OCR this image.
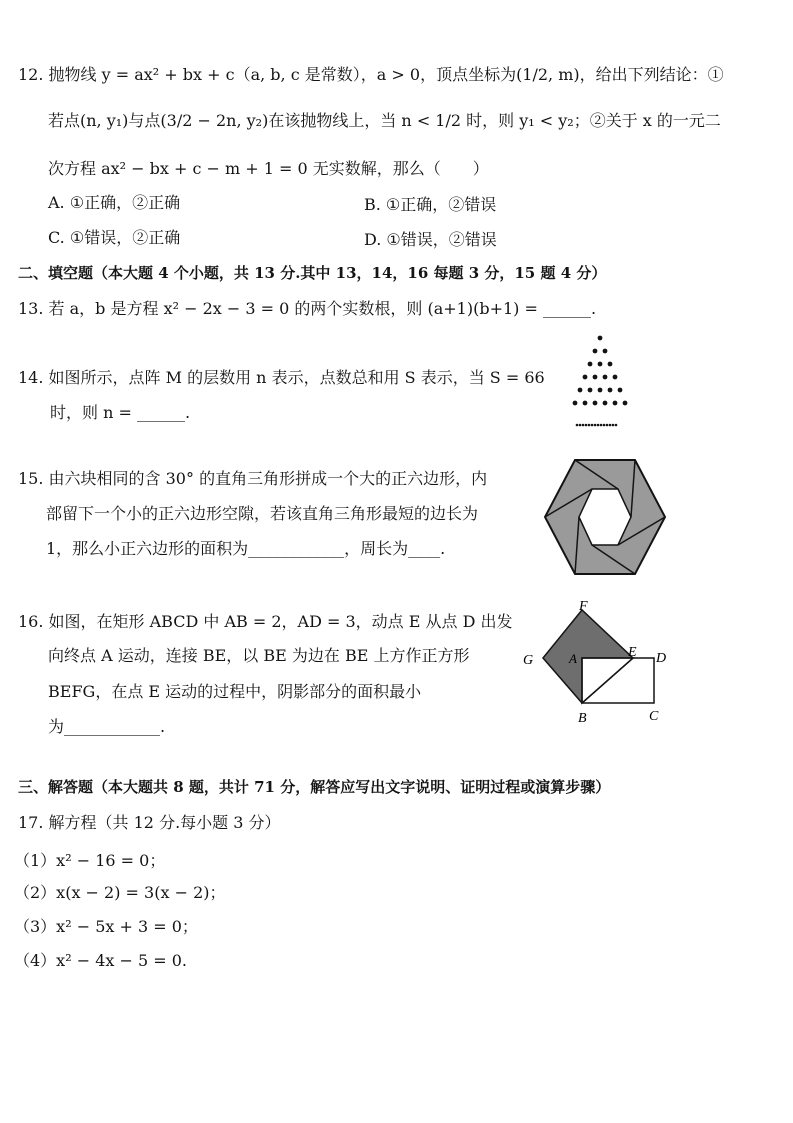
12. 抛物线 y = ax² + bx + c（a, b, c 是常数），a > 0，顶点坐标为(1/2, m)，给出下列结论：①
若点(n, y₁)与点(3/2 − 2n, y₂)在该抛物线上，当 n < 1/2 时，则 y₁ < y₂；②关于 x 的一元二
次方程 ax² − bx + c − m + 1 = 0 无实数解，那么（　　）
A. ①正确，②正确	B. ①正确，②错误
C. ①错误，②正确	D. ①错误，②错误
二、填空题（本大题 4 个小题，共 13 分.其中 13，14，16 每题 3 分，15 题 4 分）
13. 若 a，b 是方程 x² − 2x − 3 = 0 的两个实数根，则 (a+1)(b+1) = ______.
14. 如图所示，点阵 M 的层数用 n 表示，点数总和用 S 表示，当 S = 66
时，则 n = ______.
15. 由六块相同的含 30° 的直角三角形拼成一个大的正六边形，内
部留下一个小的正六边形空隙，若该直角三角形最短的边长为
1，那么小正六边形的面积为____________，周长为____.
16. 如图，在矩形 ABCD 中 AB = 2，AD = 3，动点 E 从点 D 出发
向终点 A 运动，连接 BE，以 BE 为边在 BE 上方作正方形
BEFG，在点 E 运动的过程中，阴影部分的面积最小
为____________.
F
G	A	E D
B	C
三、解答题（本大题共 8 题，共计 71 分，解答应写出文字说明、证明过程或演算步骤）
17. 解方程（共 12 分.每小题 3 分）
（1）x² − 16 = 0；
（2）x(x − 2) = 3(x − 2)；
（3）x² − 5x + 3 = 0；
（4）x² − 4x − 5 = 0.
